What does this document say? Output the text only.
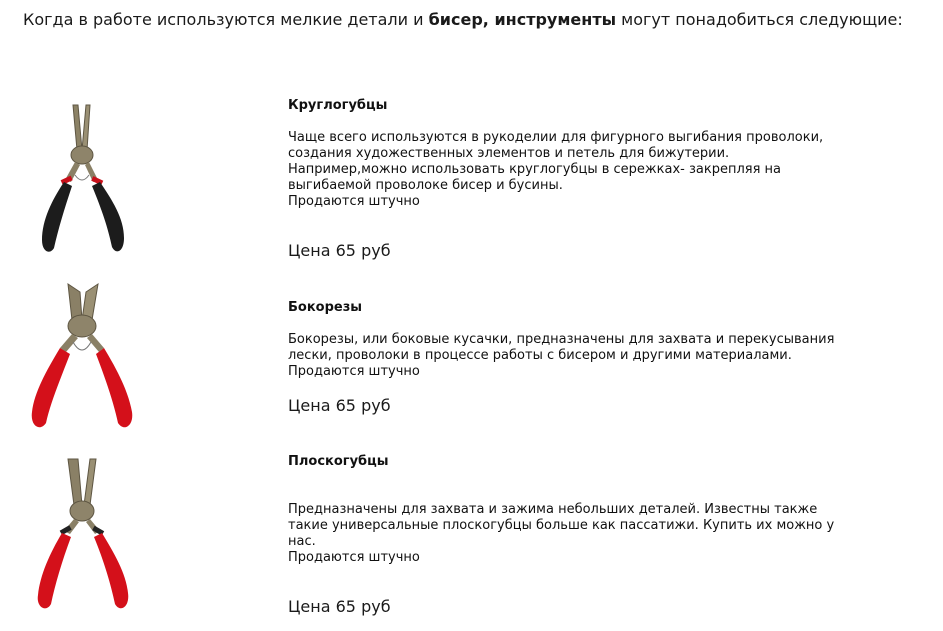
Когда в работе используются мелкие детали и бисер, инструменты могут понадобиться следующие:

Круглогубцы

Чаще всего используются в рукоделии для фигурного выгибания проволоки, создания художественных элементов и петель для бижутерии. Например,можно использовать круглогубцы в сережках- закрепляя на выгибаемой проволоке бисер и бусины.

Продаются штучно

Цена 65 руб

Бокорезы

Бокорезы, или боковые кусачки, предназначены для захвата и перекусывания лески, проволоки в процессе работы с бисером и другими материалами.

Продаются штучно

Цена 65 руб

Плоскогубцы

Предназначены для захвата и зажима небольших деталей. Известны также такие универсальные плоскогубцы больше как пассатижи. Купить их можно у нас.

Продаются штучно

Цена 65 руб
